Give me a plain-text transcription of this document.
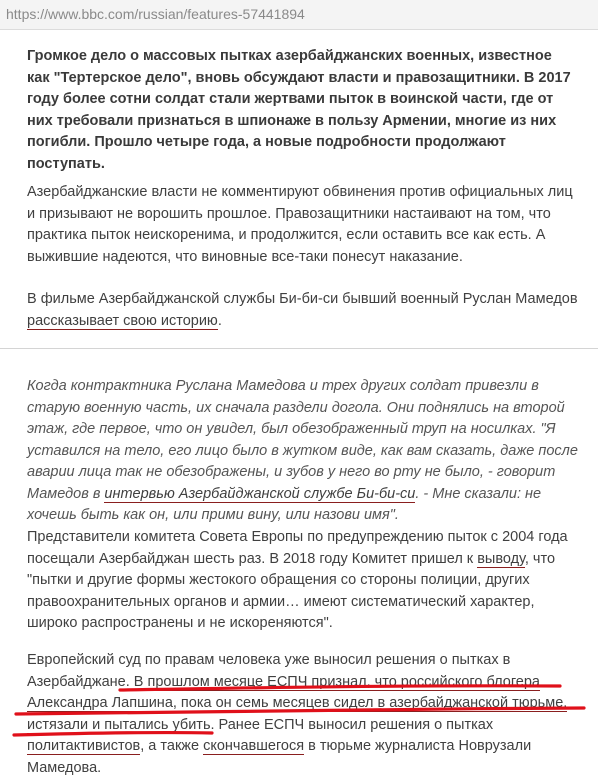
https://www.bbc.com/russian/features-57441894
Громкое дело о массовых пытках азербайджанских военных, известное
как "Тертерское дело", вновь обсуждают власти и правозащитники. В 2017
году более сотни солдат стали жертвами пыток в воинской части, где от
них требовали признаться в шпионаже в пользу Армении, многие из них
погибли. Прошло четыре года, а новые подробности продолжают
поступать.
Азербайджанские власти не комментируют обвинения против официальных лиц
и призывают не ворошить прошлое. Правозащитники настаивают на том, что
практика пыток неискоренима, и продолжится, если оставить все как есть. А
выжившие надеются, что виновные все-таки понесут наказание.
В фильме Азербайджанской службы Би-би-си бывший военный Руслан Мамедов
рассказывает свою историю.
Когда контрактника Руслана Мамедова и трех других солдат привезли в
старую военную часть, их сначала раздели догола. Они поднялись на второй
этаж, где первое, что он увидел, был обезображенный труп на носилках. "Я
уставился на тело, его лицо было в жутком виде, как вам сказать, даже после
аварии лица так не обезображены, и зубов у него во рту не было, - говорит
Мамедов в интервью Азербайджанской службе Би-би-си. - Мне сказали: не
хочешь быть как он, или прими вину, или назови имя".
Представители комитета Совета Европы по предупреждению пыток с 2004 года
посещали Азербайджан шесть раз. В 2018 году Комитет пришел к выводу, что
"пытки и другие формы жестокого обращения со стороны полиции, других
правоохранительных органов и армии… имеют систематический характер,
широко распространены и не искореняются".
Европейский суд по правам человека уже выносил решения о пытках в
Азербайджане. В прошлом месяце ЕСПЧ признал, что российского блогера
Александра Лапшина, пока он семь месяцев сидел в азербайджанской тюрьме,
истязали и пытались убить. Ранее ЕСПЧ выносил решения о пытках
политактивистов, а также скончавшегося в тюрьме журналиста Новрузали
Мамедова.
